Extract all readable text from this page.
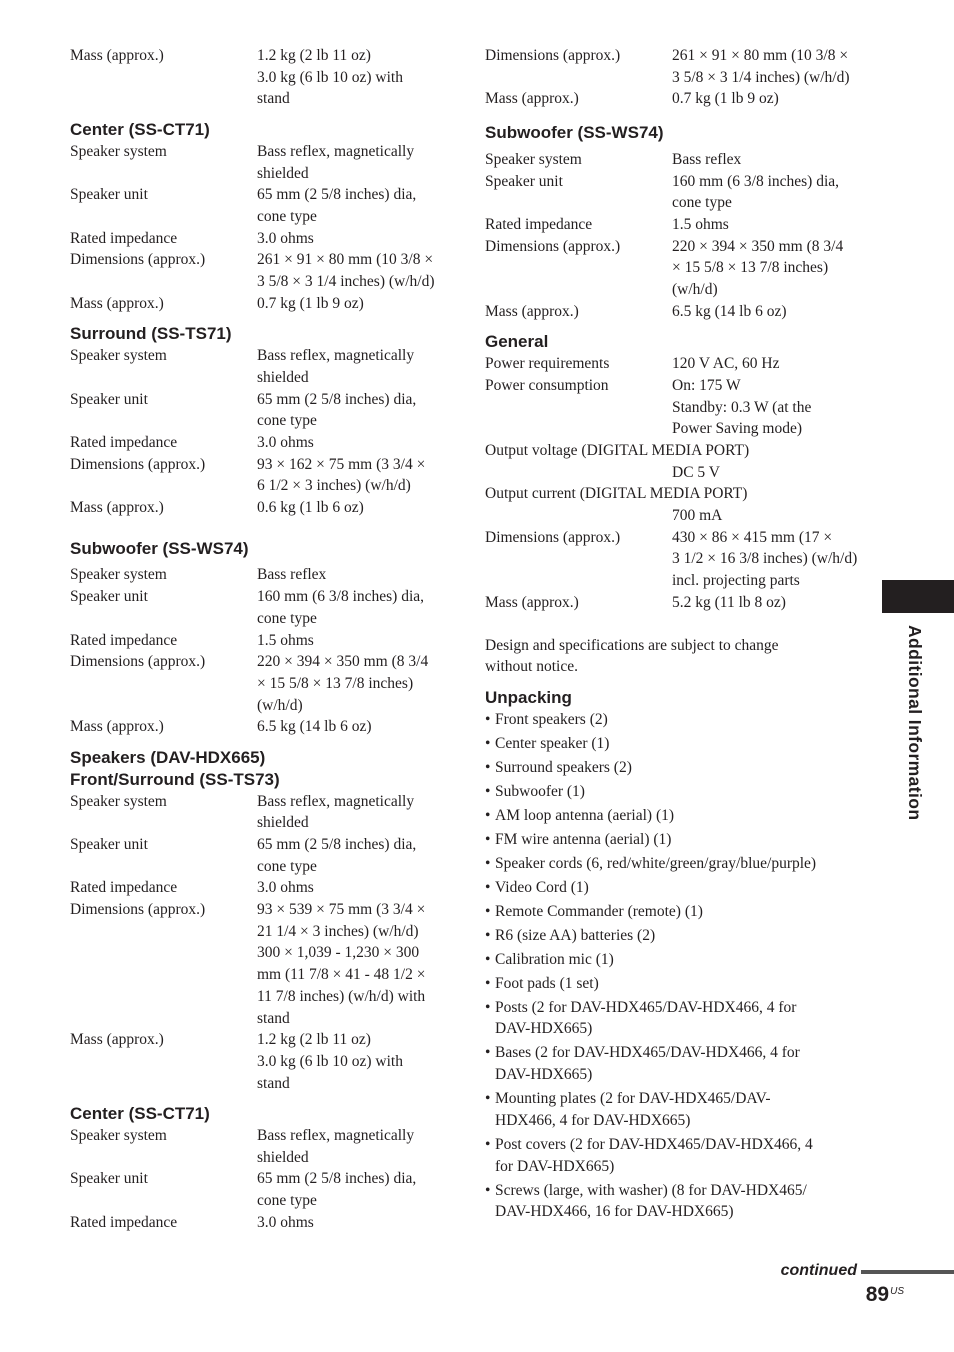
Mass (approx.)	1.2 kg (2 lb 11 oz)
3.0 kg (6 lb 10 oz) with
stand
Center (SS-CT71)
Speaker system	Bass reflex, magnetically
shielded
Speaker unit	65 mm (2 5/8 inches) dia,
cone type
Rated impedance	3.0 ohms
Dimensions (approx.)	261 × 91 × 80 mm (10 3/8 ×
3 5/8 × 3 1/4 inches) (w/h/d)
Mass (approx.)	0.7 kg (1 lb 9 oz)
Surround (SS-TS71)
Speaker system	Bass reflex, magnetically
shielded
Speaker unit	65 mm (2 5/8 inches) dia,
cone type
Rated impedance	3.0 ohms
Dimensions (approx.)	93 × 162 × 75 mm (3 3/4 ×
6 1/2 × 3 inches) (w/h/d)
Mass (approx.)	0.6 kg (1 lb 6 oz)
Subwoofer (SS-WS74)
Speaker system	Bass reflex
Speaker unit	160 mm (6 3/8 inches) dia,
cone type
Rated impedance	1.5 ohms
Dimensions (approx.)	220 × 394 × 350 mm (8 3/4
× 15 5/8 × 13 7/8 inches)
(w/h/d)
Mass (approx.)	6.5 kg (14 lb 6 oz)
Speakers (DAV-HDX665)
Front/Surround (SS-TS73)
Speaker system	Bass reflex, magnetically
shielded
Speaker unit	65 mm (2 5/8 inches) dia,
cone type
Rated impedance	3.0 ohms
Dimensions (approx.)	93 × 539 × 75 mm (3 3/4 ×
21 1/4 × 3 inches) (w/h/d)
300 × 1,039 - 1,230 × 300
mm (11 7/8 × 41 - 48 1/2 ×
11 7/8 inches) (w/h/d) with
stand
Mass (approx.)	1.2 kg (2 lb 11 oz)
3.0 kg (6 lb 10 oz) with
stand
Center (SS-CT71)
Speaker system	Bass reflex, magnetically
shielded
Speaker unit	65 mm (2 5/8 inches) dia,
cone type
Rated impedance	3.0 ohms
Dimensions (approx.)	261 × 91 × 80 mm (10 3/8 ×
3 5/8 × 3 1/4 inches) (w/h/d)
Mass (approx.)	0.7 kg (1 lb 9 oz)
Subwoofer (SS-WS74)
Speaker system	Bass reflex
Speaker unit	160 mm (6 3/8 inches) dia,
cone type
Rated impedance	1.5 ohms
Dimensions (approx.)	220 × 394 × 350 mm (8 3/4
× 15 5/8 × 13 7/8 inches)
(w/h/d)
Mass (approx.)	6.5 kg (14 lb 6 oz)
General
Power requirements	120 V AC, 60 Hz
Power consumption	On: 175 W
Standby: 0.3 W (at the
Power Saving mode)
Output voltage (DIGITAL MEDIA PORT)
DC 5 V
Output current (DIGITAL MEDIA PORT)
700 mA
Dimensions (approx.)	430 × 86 × 415 mm (17 ×
3 1/2 × 16 3/8 inches) (w/h/d)
incl. projecting parts
Mass (approx.)	5.2 kg (11 lb 8 oz)
Design and specifications are subject to change without notice.
Unpacking
• Front speakers (2)
• Center speaker (1)
• Surround speakers (2)
• Subwoofer (1)
• AM loop antenna (aerial) (1)
• FM wire antenna (aerial) (1)
• Speaker cords (6, red/white/green/gray/blue/purple)
• Video Cord (1)
• Remote Commander (remote) (1)
• R6 (size AA) batteries (2)
• Calibration mic (1)
• Foot pads (1 set)
• Posts (2 for DAV-HDX465/DAV-HDX466, 4 for
DAV-HDX665)
• Bases (2 for DAV-HDX465/DAV-HDX466, 4 for
DAV-HDX665)
• Mounting plates (2 for DAV-HDX465/DAV-
HDX466, 4 for DAV-HDX665)
• Post covers (2 for DAV-HDX465/DAV-HDX466, 4
for DAV-HDX665)
• Screws (large, with washer) (8 for DAV-HDX465/
DAV-HDX466, 16 for DAV-HDX665)
Additional Information
continued
$89^{US}$
